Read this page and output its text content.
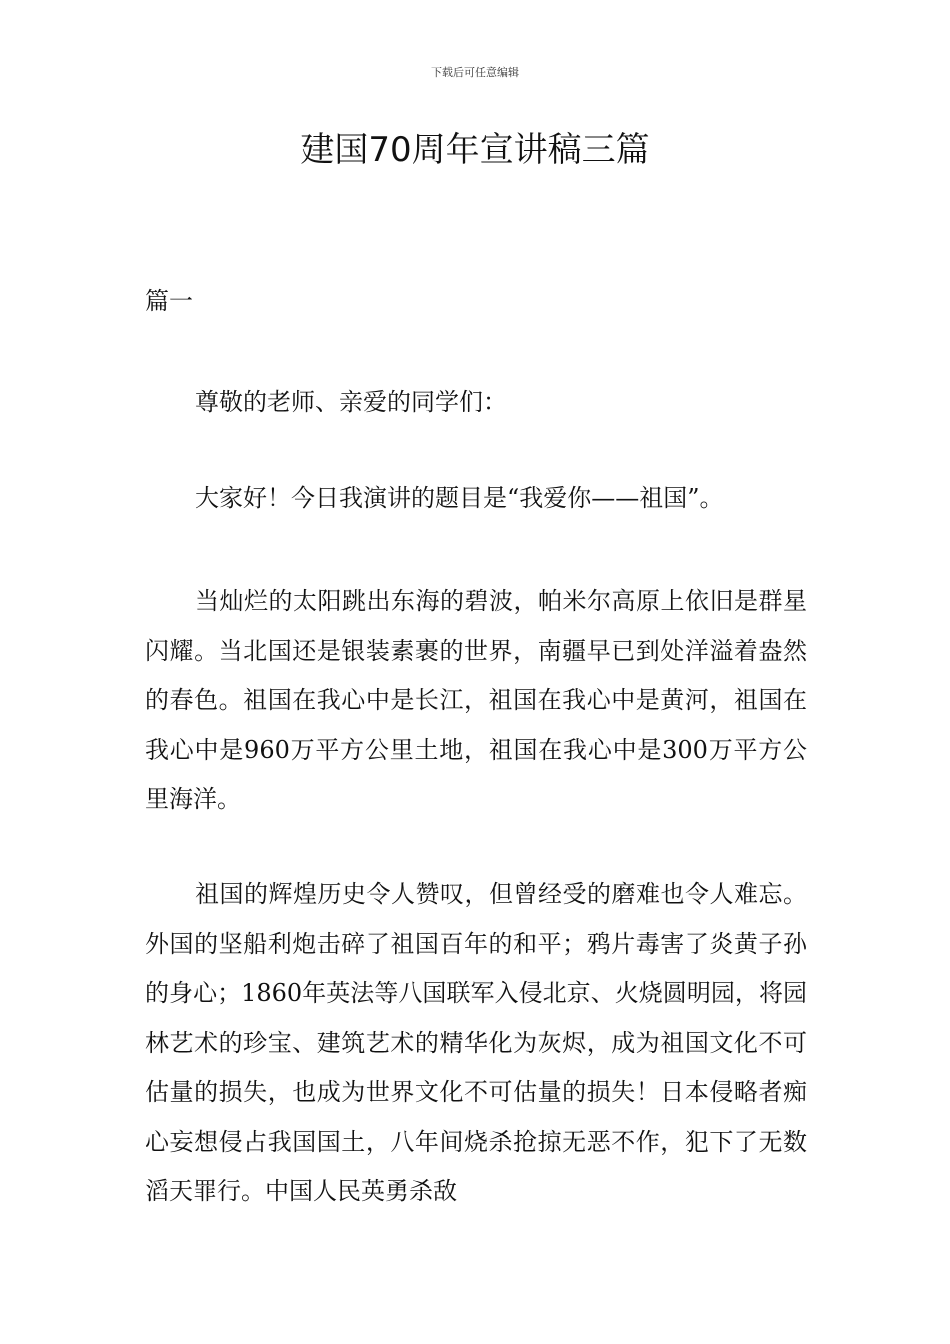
下载后可任意编辑
建国70周年宣讲稿三篇
篇一

尊敬的老师、亲爱的同学们：

大家好！今日我演讲的题目是“我爱你——祖国”。

当灿烂的太阳跳出东海的碧波，帕米尔高原上依旧是群星闪耀。当北国还是银装素裹的世界，南疆早已到处洋溢着盎然的春色。祖国在我心中是长江，祖国在我心中是黄河，祖国在我心中是960万平方公里土地，祖国在我心中是300万平方公里海洋。

祖国的辉煌历史令人赞叹，但曾经受的磨难也令人难忘。外国的坚船利炮击碎了祖国百年的和平；鸦片毒害了炎黄子孙的身心；1860年英法等八国联军入侵北京、火烧圆明园，将园林艺术的珍宝、建筑艺术的精华化为灰烬，成为祖国文化不可估量的损失，也成为世界文化不可估量的损失！日本侵略者痴心妄想侵占我国国土，八年间烧杀抢掠无恶不作，犯下了无数滔天罪行。中国人民英勇杀敌
